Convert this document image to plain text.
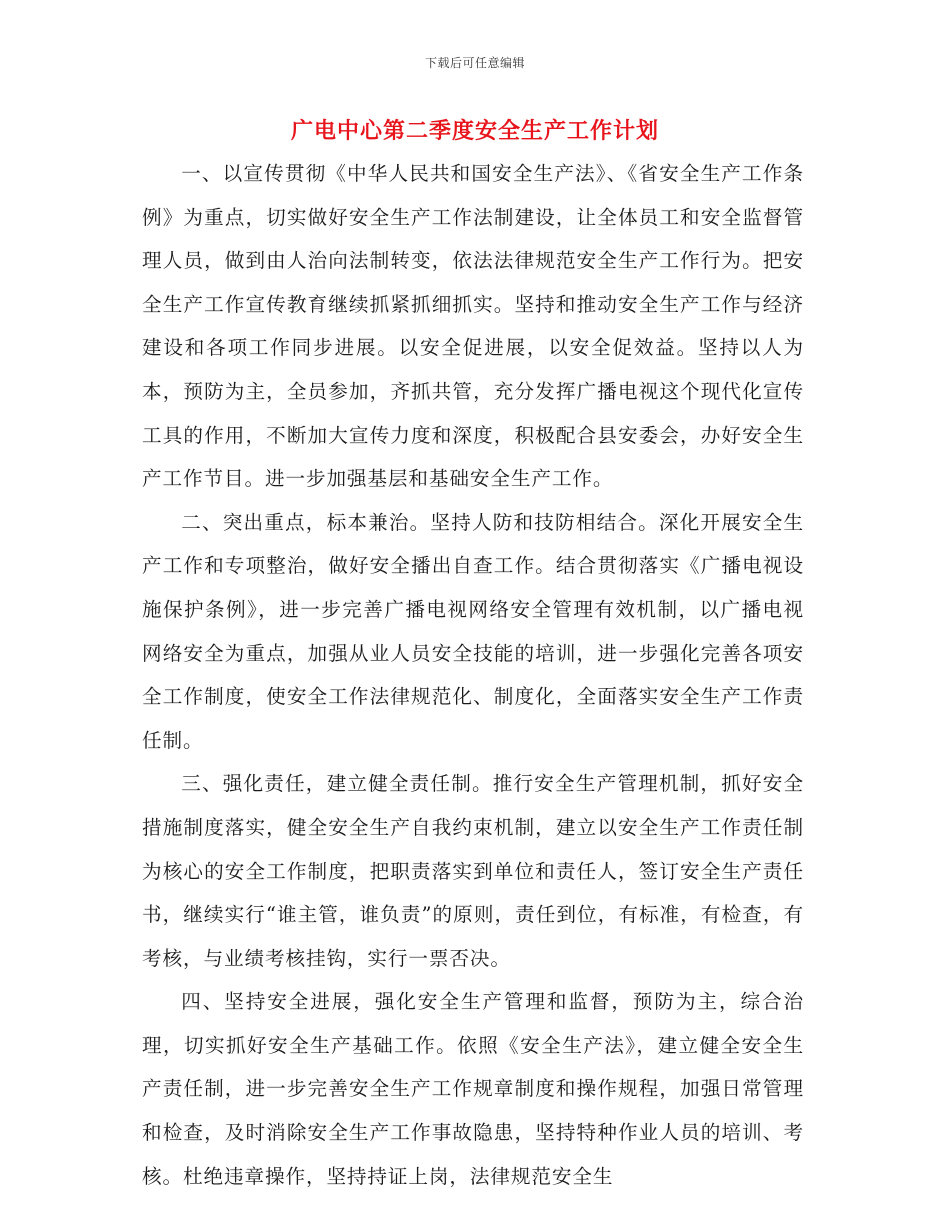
下载后可任意编辑
广电中心第二季度安全生产工作计划

一、以宣传贯彻《中华人民共和国安全生产法》、《省安全生产工作条例》为重点，切实做好安全生产工作法制建设，让全体员工和安全监督管理人员，做到由人治向法制转变，依法法律规范安全生产工作行为。把安全生产工作宣传教育继续抓紧抓细抓实。坚持和推动安全生产工作与经济建设和各项工作同步进展。以安全促进展，以安全促效益。坚持以人为本，预防为主，全员参加，齐抓共管，充分发挥广播电视这个现代化宣传工具的作用，不断加大宣传力度和深度，积极配合县安委会，办好安全生产工作节目。进一步加强基层和基础安全生产工作。

二、突出重点，标本兼治。坚持人防和技防相结合。深化开展安全生产工作和专项整治，做好安全播出自查工作。结合贯彻落实《广播电视设施保护条例》，进一步完善广播电视网络安全管理有效机制，以广播电视网络安全为重点，加强从业人员安全技能的培训，进一步强化完善各项安全工作制度，使安全工作法律规范化、制度化，全面落实安全生产工作责任制。

三、强化责任，建立健全责任制。推行安全生产管理机制，抓好安全措施制度落实，健全安全生产自我约束机制，建立以安全生产工作责任制为核心的安全工作制度，把职责落实到单位和责任人，签订安全生产责任书，继续实行“谁主管，谁负责”的原则，责任到位，有标准，有检查，有考核，与业绩考核挂钩，实行一票否决。

四、坚持安全进展，强化安全生产管理和监督，预防为主，综合治理，切实抓好安全生产基础工作。依照《安全生产法》，建立健全安全生产责任制，进一步完善安全生产工作规章制度和操作规程，加强日常管理和检查，及时消除安全生产工作事故隐患，坚持特种作业人员的培训、考核。杜绝违章操作，坚持持证上岗，法律规范安全生
